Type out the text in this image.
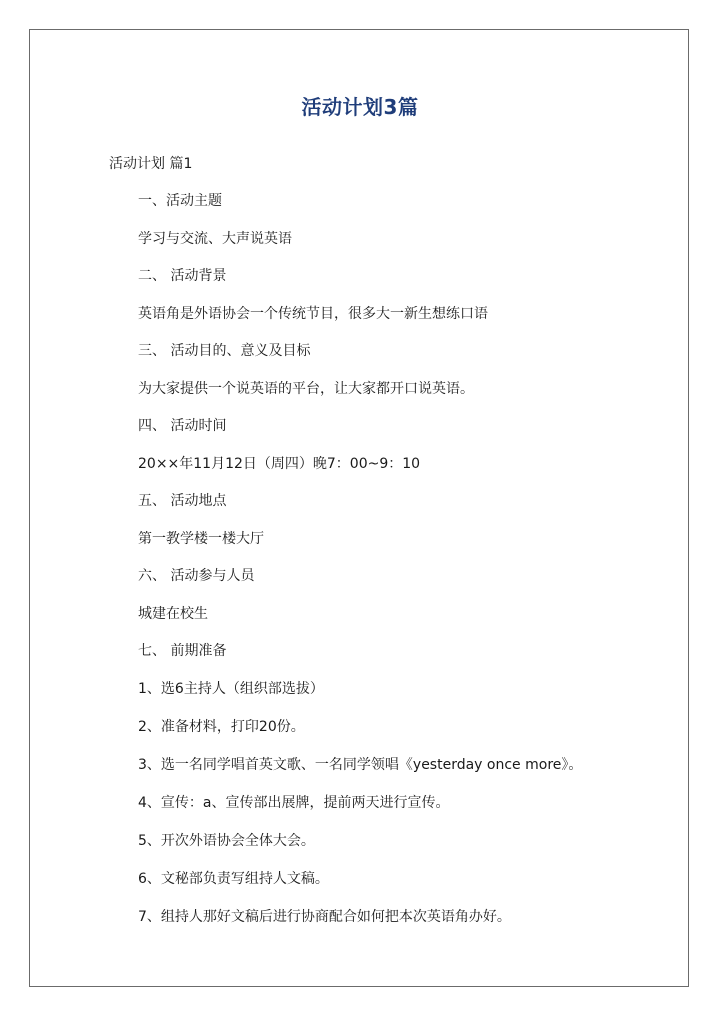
活动计划3篇
活动计划 篇1
一、活动主题
学习与交流、大声说英语
二、 活动背景
英语角是外语协会一个传统节目，很多大一新生想练口语
三、 活动目的、意义及目标
为大家提供一个说英语的平台，让大家都开口说英语。
四、 活动时间
20××年11月12日（周四）晚7：00~9：10
五、 活动地点
第一教学楼一楼大厅
六、 活动参与人员
城建在校生
七、 前期准备
1、选6主持人（组织部选拔）
2、准备材料，打印20份。
3、选一名同学唱首英文歌、一名同学领唱《yesterday once more》。
4、宣传：a、宣传部出展牌，提前两天进行宣传。
5、开次外语协会全体大会。
6、文秘部负责写组持人文稿。
7、组持人那好文稿后进行协商配合如何把本次英语角办好。
